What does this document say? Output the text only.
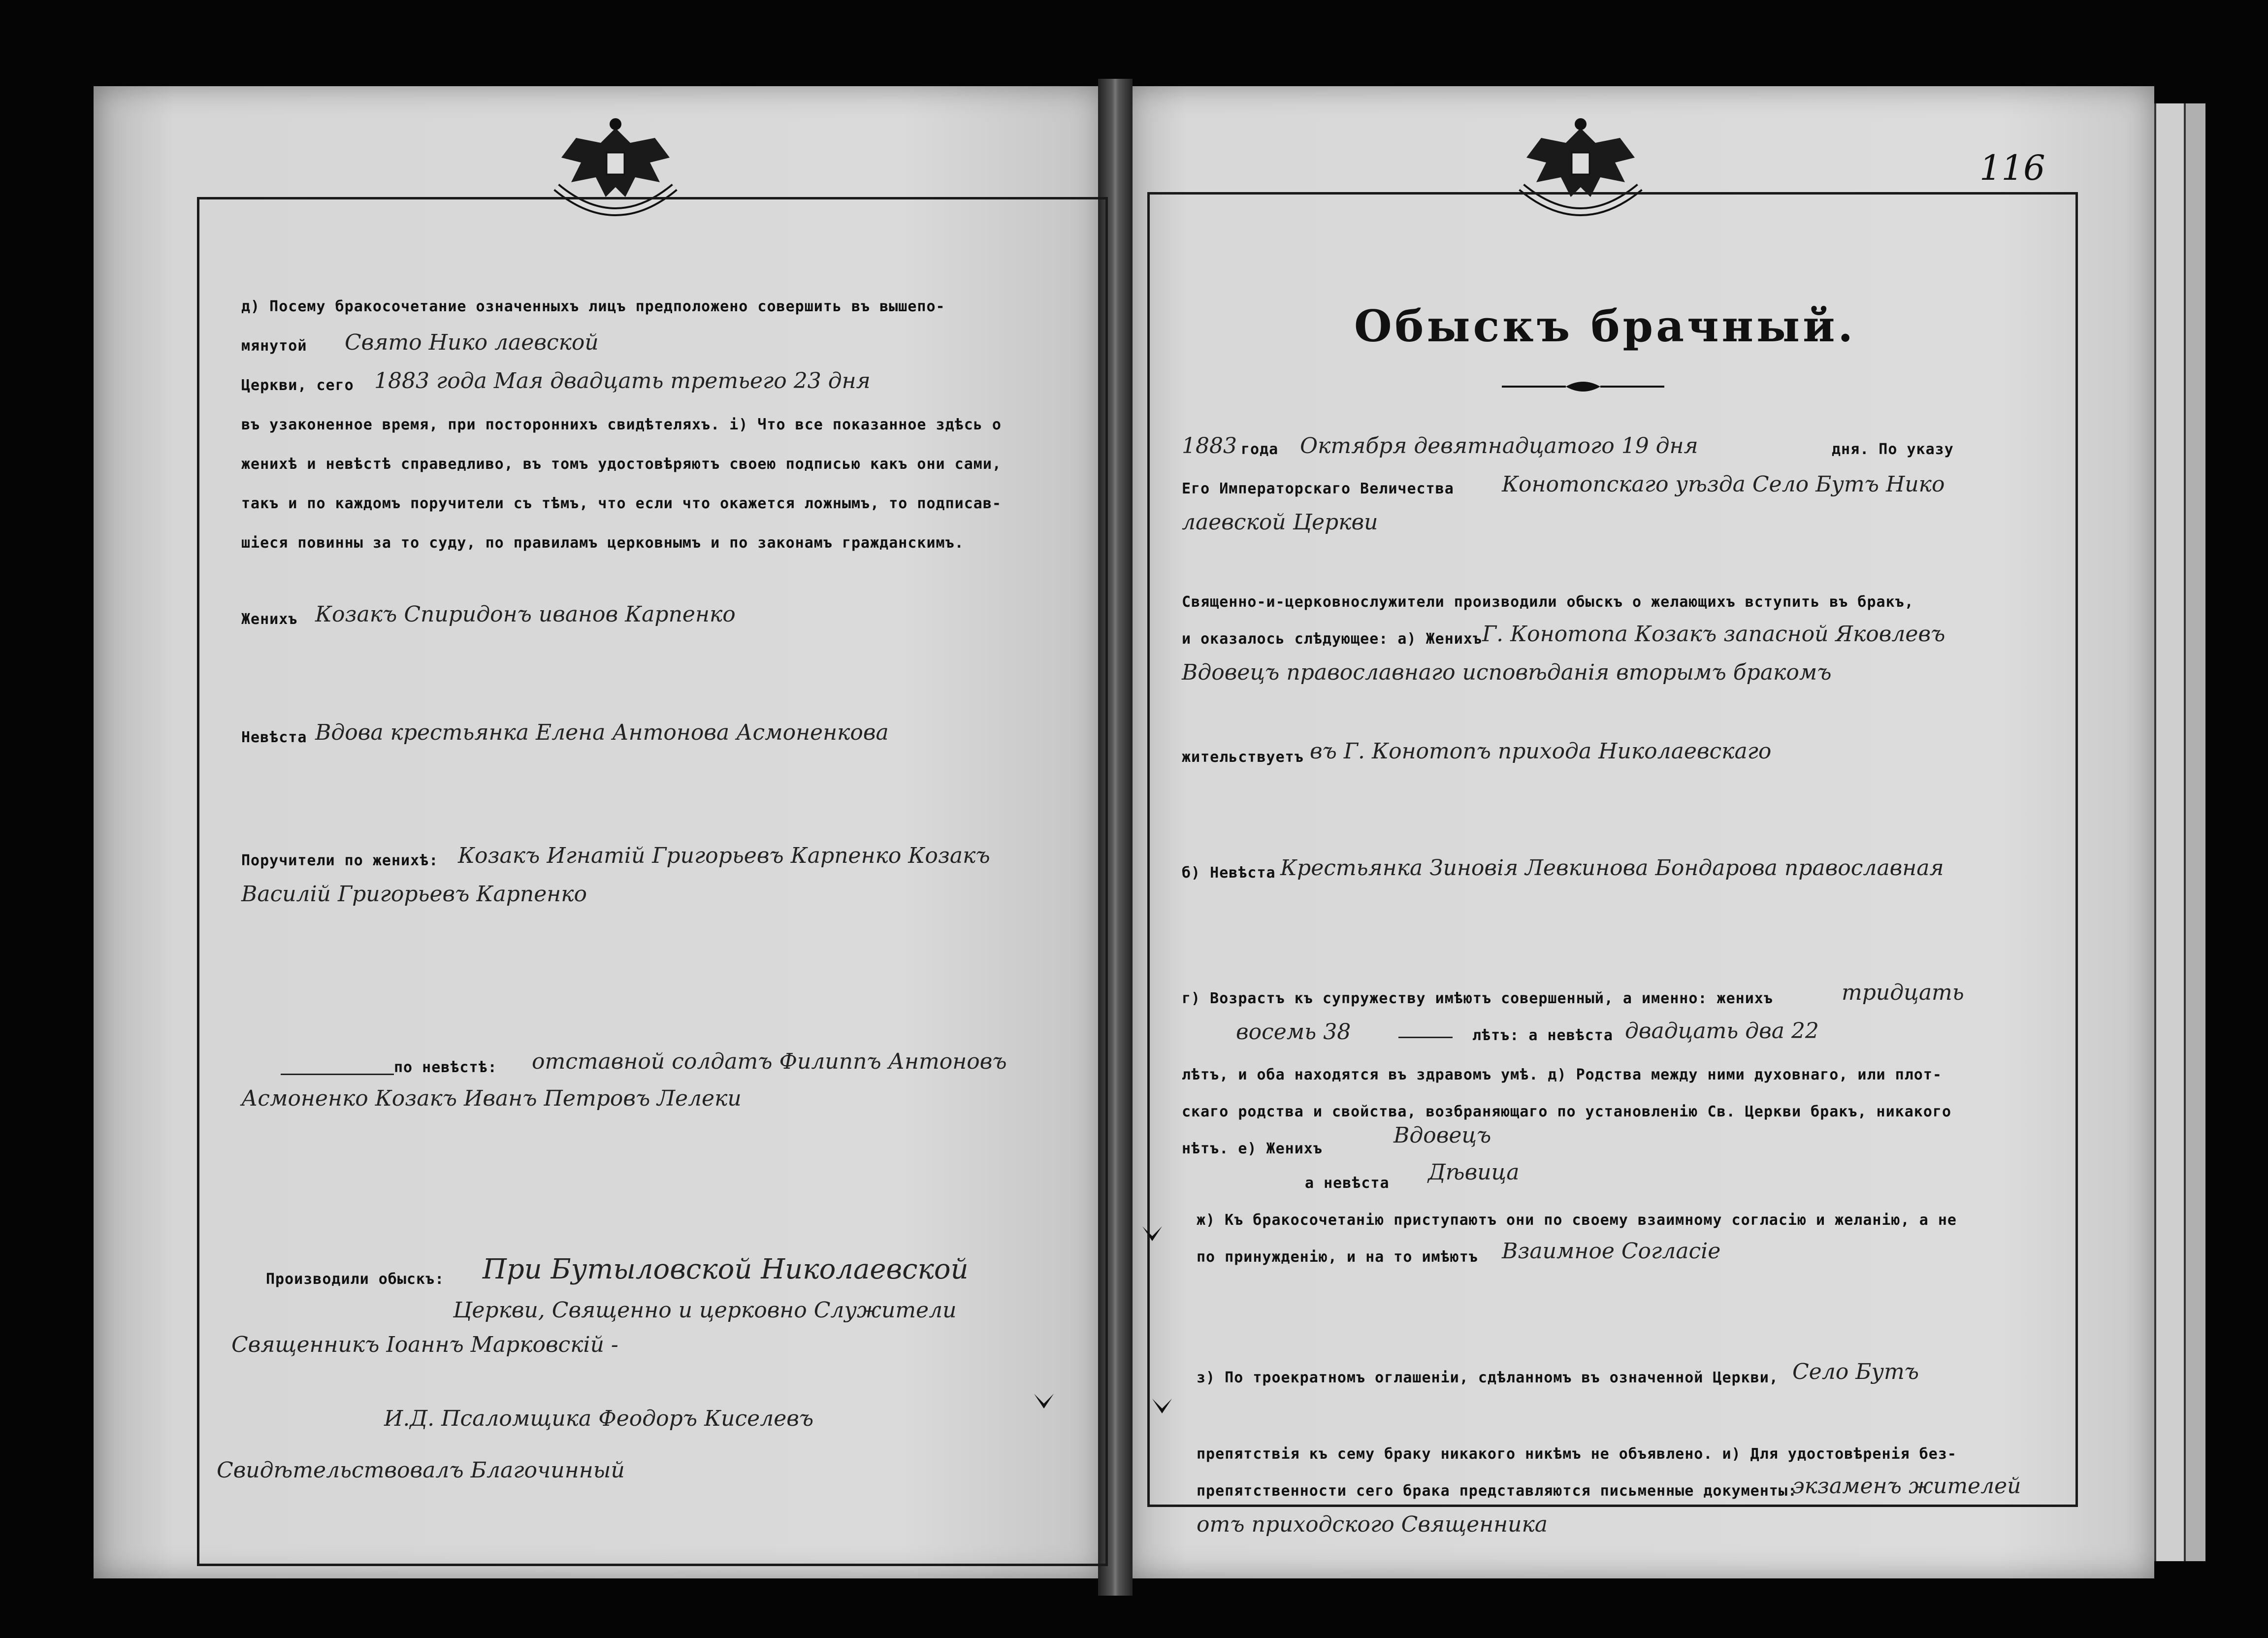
д) Посему бракосочетание означенныхъ лицъ предположено совершить въ вышепо-
мянутой Свято Нико лаевской
Церкви, сего 1883 года Мая двадцать третьего 23 дня
въ узаконенное время, при постороннихъ свидѣтеляхъ. і) Что все показанное здѣсь о
женихѣ и невѣстѣ справедливо, въ томъ удостовѣряютъ своею подписью какъ они сами,
такъ и по каждомъ поручители съ тѣмъ, что если что окажется ложнымъ, то подписав-
шiеся повинны за то суду, по правиламъ церковнымъ и по законамъ гражданскимъ.
Женихъ Козакъ Спиридонъ иванов Карпенко
Невѣста Вдова крестьянка Елена Антонова Асмоненкова
Поручители по женихѣ: Козакъ Игнатій Григорьевъ Карпенко Козакъ
Василій Григорьевъ Карпенко
по невѣстѣ: отставной солдатъ Филиппъ Антоновъ
Асмоненко Козакъ Иванъ Петровъ Лелеки
Производили обыскъ: При Бутыловской Николаевской
Церкви, Священно и церковно Служители
Священникъ Іоаннъ Марковскій -
И.Д. Псаломщика Феодоръ Киселевъ
Свидѣтельствовалъ Благочинный
116
Обыскъ брачный.
1883 года Октября девятнадцатого 19 дня	дня. По указу
Его Императорскаго Величества Конотопскаго уѣзда Село Бутъ Нико
лаевской Церкви
Священно-и-церковнослужители производили обыскъ о желающихъ вступить въ бракъ,
и оказалось слѣдующее: а) Женихъ Г. Конотопа Козакъ запасной Яковлевъ
Вдовецъ православнаго исповѣданія вторымъ бракомъ
жительствуетъ въ Г. Конотопъ прихода Николаевскаго
б) Невѣста Крестьянка Зиновія Левкинова Бондарова православная
г) Возрастъ къ супружеству имѣютъ совершенный, а именно: женихъ	тридцать
восемь 38	лѣтъ: а невѣста двадцать два 22
лѣтъ, и оба находятся въ здравомъ умѣ. д) Родства между ними духовнаго, или плот-
скаго родства и свойства, возбраняющаго по установленію Св. Церкви бракъ, никакого
нѣтъ. е) Женихъ
Вдовецъ
а невѣста Дѣвица
ж) Къ бракосочетанію приступаютъ они по своему взаимному согласію и желанію, а не
по принужденію, и на то имѣютъ Взаимное Согласіе
з) По троекратномъ оглашеніи, сдѣланномъ въ означенной Церкви, Село Бутъ
препятствія къ сему браку никакого никѣмъ не объявлено. и) Для удостовѣренія без-
препятственности сего брака представляются письменные документы:
экзаменъ жителей
отъ приходского Священника
